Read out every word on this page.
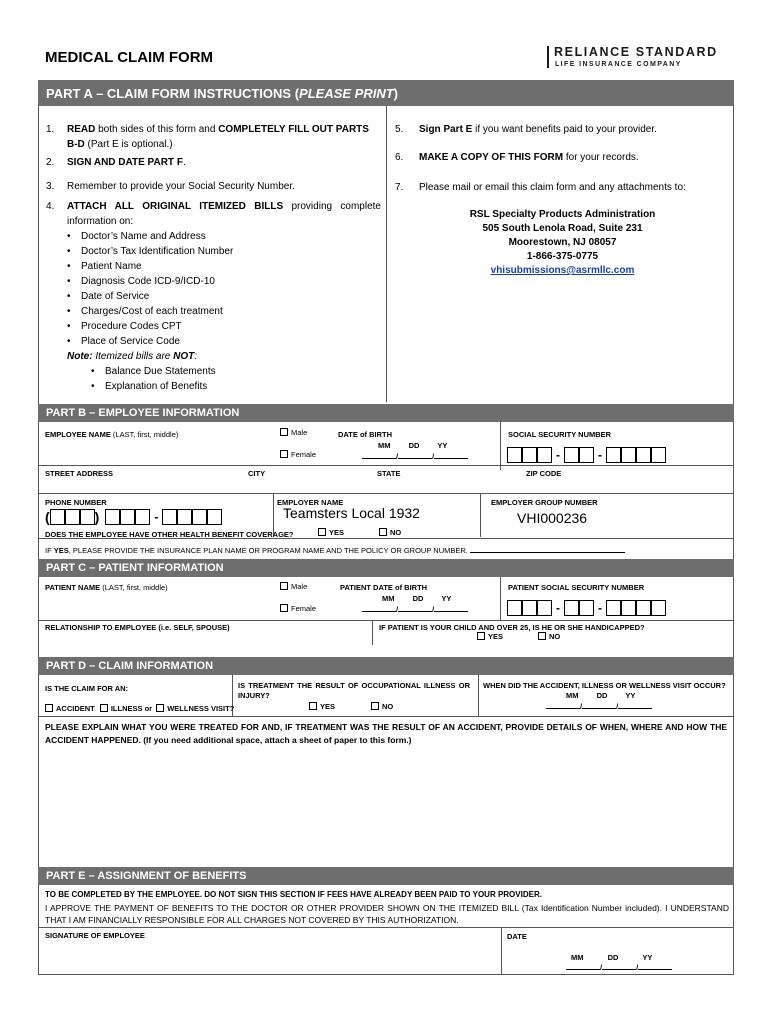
MEDICAL CLAIM FORM	RELIANCE STANDARD
LIFE INSURANCE COMPANY
PART A – CLAIM FORM INSTRUCTIONS (PLEASE PRINT)
1. READ both sides of this form and COMPLETELY FILL OUT PARTS B-D (Part E is optional.)
2. SIGN AND DATE PART F.
3. Remember to provide your Social Security Number.
4. ATTACH ALL ORIGINAL ITEMIZED BILLS providing complete information on:
• Doctor’s Name and Address
• Doctor’s Tax Identification Number
• Patient Name
• Diagnosis Code ICD-9/ICD-10
• Date of Service
• Charges/Cost of each treatment
• Procedure Codes CPT
• Place of Service Code
Note: Itemized bills are NOT:
• Balance Due Statements
• Explanation of Benefits
5. Sign Part E if you want benefits paid to your provider.
6. MAKE A COPY OF THIS FORM for your records.
7. Please mail or email this claim form and any attachments to:
RSL Specialty Products Administration
505 South Lenola Road, Suite 231
Moorestown, NJ 08057
1-866-375-0775
vhisubmissions@asrmllc.com
PART B – EMPLOYEE INFORMATION
EMPLOYEE NAME (LAST, first, middle)	Male
Female
DATE of BIRTH
MM DD YY
/	/
SOCIAL SECURITY NUMBER
-	-
STREET ADDRESS	CITY	STATE	ZIP CODE
PHONE NUMBER
(	)	-
EMPLOYER NAME
Teamsters Local 1932
EMPLOYER GROUP NUMBER
VHI000236
DOES THE EMPLOYEE HAVE OTHER HEALTH BENEFIT COVERAGE?	YES	NO
IF YES, PLEASE PROVIDE THE INSURANCE PLAN NAME OR PROGRAM NAME AND THE POLICY OR GROUP NUMBER.
PART C – PATIENT INFORMATION
PATIENT NAME (LAST, first, middle)	Male
Female
PATIENT DATE of BIRTH
MM DD YY
/	/
PATIENT SOCIAL SECURITY NUMBER
-	-
RELATIONSHIP TO EMPLOYEE (i.e. SELF, SPOUSE)	IF PATIENT IS YOUR CHILD AND OVER 25, IS HE OR SHE HANDICAPPED?
YES	NO
PART D – CLAIM INFORMATION
IS THE CLAIM FOR AN:
ACCIDENT ILLNESS or WELLNESS VISIT?
IS TREATMENT THE RESULT OF OCCUPATIONAL ILLNESS OR INJURY?
YES	NO
WHEN DID THE ACCIDENT, ILLNESS OR WELLNESS VISIT OCCUR?
MM DD YY
/	/
PLEASE EXPLAIN WHAT YOU WERE TREATED FOR AND, IF TREATMENT WAS THE RESULT OF AN ACCIDENT, PROVIDE DETAILS OF WHEN, WHERE AND HOW THE ACCIDENT HAPPENED. (If you need additional space, attach a sheet of paper to this form.)
PART E – ASSIGNMENT OF BENEFITS
TO BE COMPLETED BY THE EMPLOYEE. DO NOT SIGN THIS SECTION IF FEES HAVE ALREADY BEEN PAID TO YOUR PROVIDER.
I APPROVE THE PAYMENT OF BENEFITS TO THE DOCTOR OR OTHER PROVIDER SHOWN ON THE ITEMIZED BILL (Tax Identification Number included). I UNDERSTAND THAT I AM FINANCIALLY RESPONSIBLE FOR ALL CHARGES NOT COVERED BY THIS AUTHORIZATION.
SIGNATURE OF EMPLOYEE	DATE
MM	DD	YY
/	/
